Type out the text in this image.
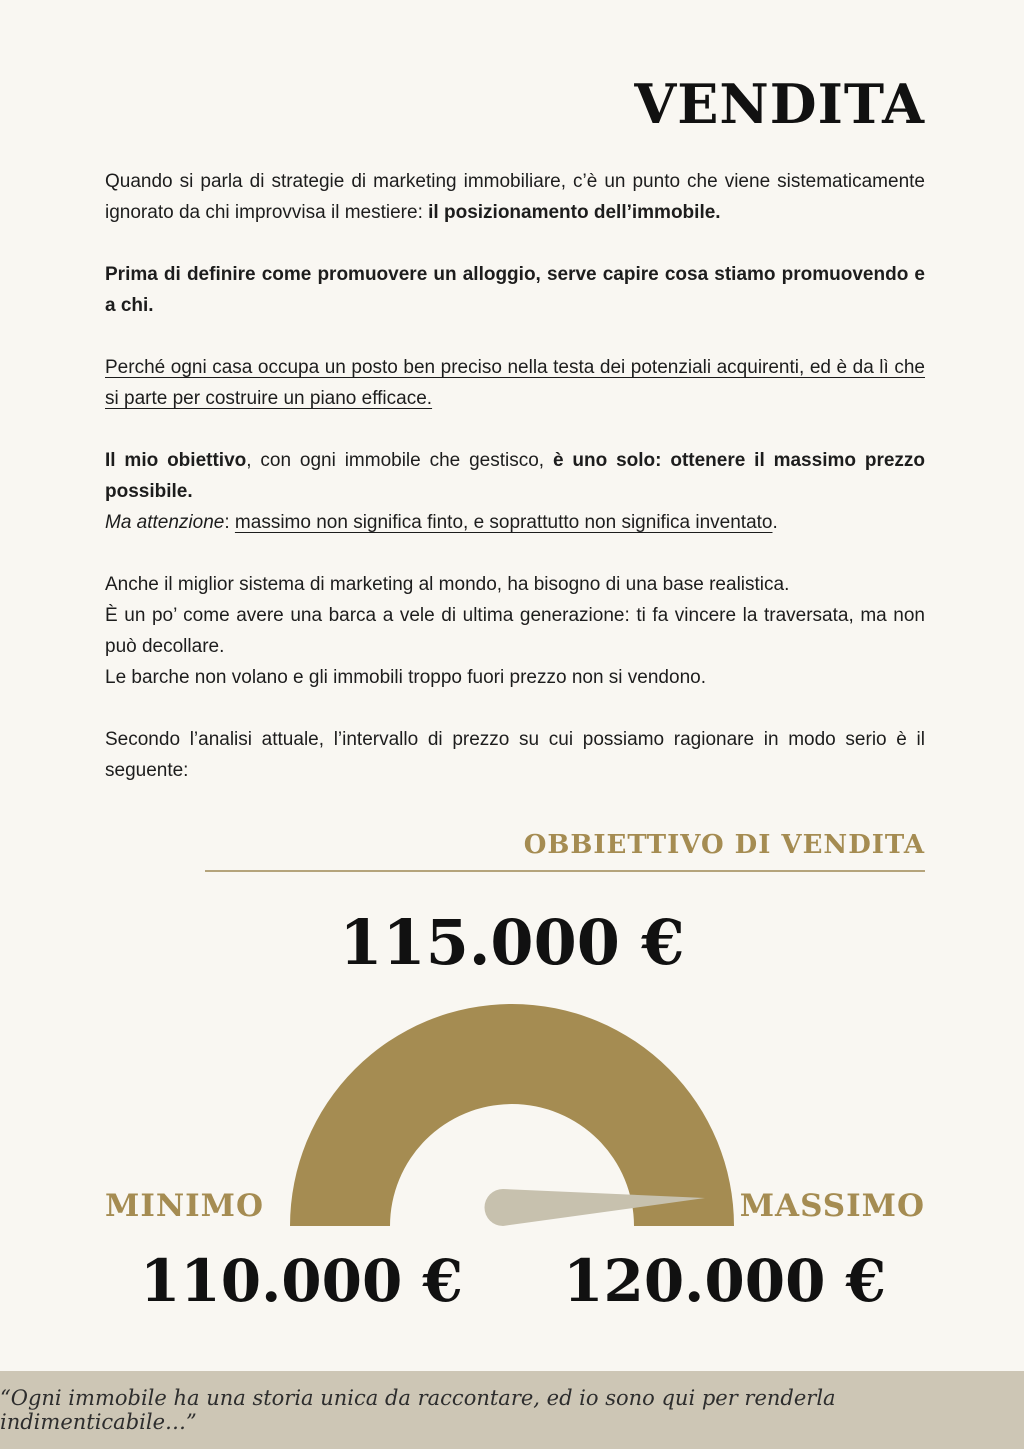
VENDITA

Quando si parla di strategie di marketing immobiliare, c’è un punto che viene sistematicamente ignorato da chi improvvisa il mestiere: il posizionamento dell’immobile.

Prima di definire come promuovere un alloggio, serve capire cosa stiamo promuovendo e a chi.

Perché ogni casa occupa un posto ben preciso nella testa dei potenziali acquirenti, ed è da lì che si parte per costruire un piano efficace.

Il mio obiettivo, con ogni immobile che gestisco, è uno solo: ottenere il massimo prezzo possibile.
Ma attenzione: massimo non significa finto, e soprattutto non significa inventato.

Anche il miglior sistema di marketing al mondo, ha bisogno di una base realistica.
È un po’ come avere una barca a vele di ultima generazione: ti fa vincere la traversata, ma non può decollare.
Le barche non volano e gli immobili troppo fuori prezzo non si vendono.

Secondo l’analisi attuale, l’intervallo di prezzo su cui possiamo ragionare in modo serio è il seguente:

OBBIETTIVO DI VENDITA
115.000 €
MINIMO	MASSIMO
110.000 € 120.000 €

“Ogni immobile ha una storia unica da raccontare, ed io sono qui per renderla indimenticabile…”
